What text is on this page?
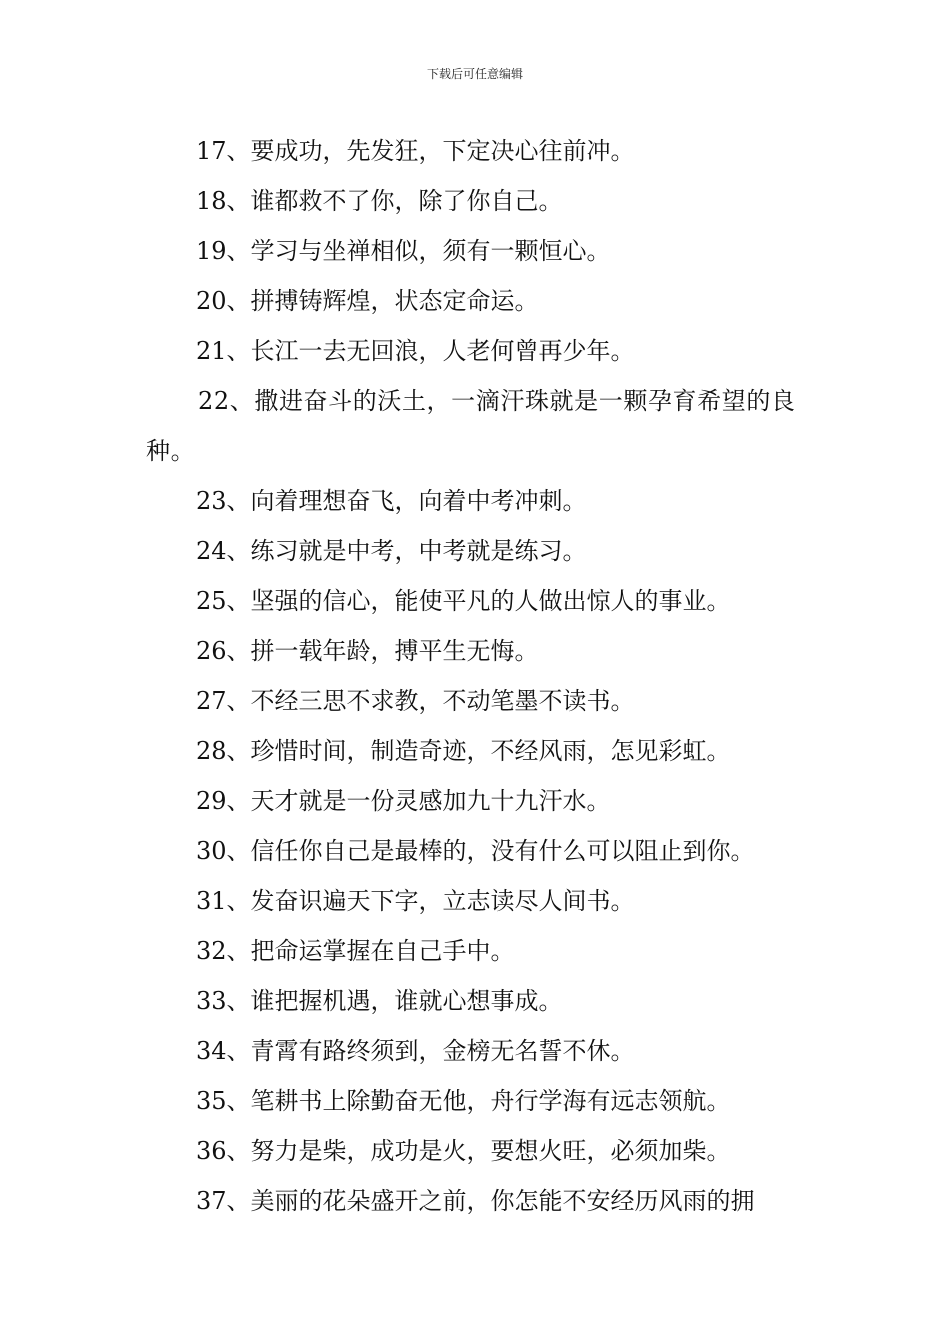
下载后可任意编辑
17、要成功，先发狂，下定决心往前冲。
18、谁都救不了你，除了你自己。
19、学习与坐禅相似，须有一颗恒心。
20、拼搏铸辉煌，状态定命运。
21、长江一去无回浪，人老何曾再少年。
22、撒进奋斗的沃土，一滴汗珠就是一颗孕育希望的良种。
23、向着理想奋飞，向着中考冲刺。
24、练习就是中考，中考就是练习。
25、坚强的信心，能使平凡的人做出惊人的事业。
26、拼一载年龄，搏平生无悔。
27、不经三思不求教，不动笔墨不读书。
28、珍惜时间，制造奇迹，不经风雨，怎见彩虹。
29、天才就是一份灵感加九十九汗水。
30、信任你自己是最棒的，没有什么可以阻止到你。
31、发奋识遍天下字，立志读尽人间书。
32、把命运掌握在自己手中。
33、谁把握机遇，谁就心想事成。
34、青霄有路终须到，金榜无名誓不休。
35、笔耕书上除勤奋无他，舟行学海有远志领航。
36、努力是柴，成功是火，要想火旺，必须加柴。
37、美丽的花朵盛开之前，你怎能不安经历风雨的拥
